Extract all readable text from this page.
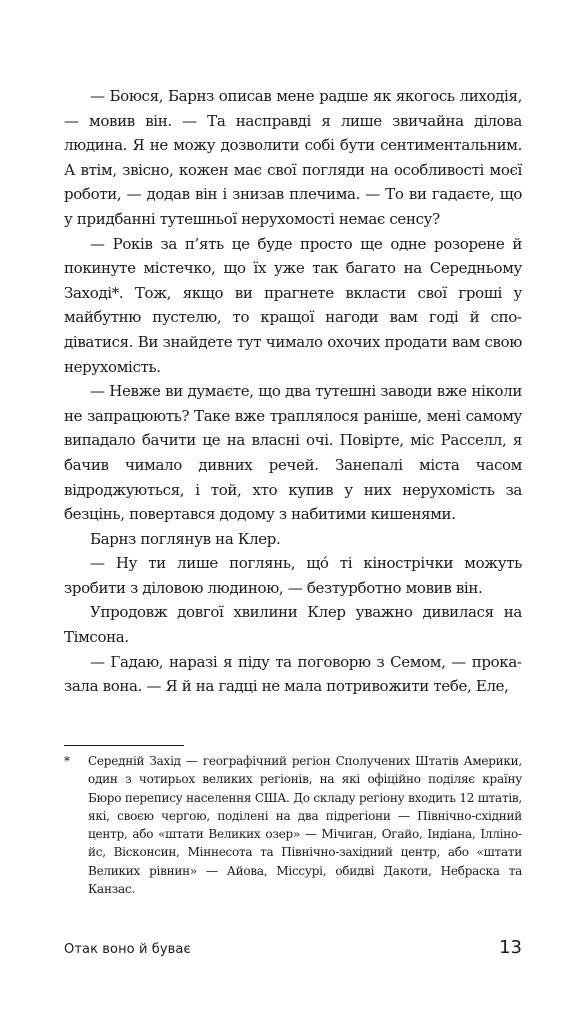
— Боюся, Барнз описав мене радше як якогось лиходія, — мовив він. — Та насправді я лише звичайна ділова людина. Я не можу дозволити собі бути сентиментальним. А втім, звісно, кожен має свої погляди на особливості моєї роботи, — додав він і знизав плечима. — То ви гадаєте, що у придбанні тутешньої нерухомості немає сенсу?

— Років за п’ять це буде просто ще одне розорене й покинуте містечко, що їх уже так багато на Середньому Заході*. Тож, якщо ви прагнете вкласти свої гроші у майбутню пустелю, то кращої нагоди вам годі й сподіватися. Ви знайдете тут чимало охочих продати вам свою нерухомість.

— Невже ви думаєте, що два тутешні заводи вже ніколи не запрацюють? Таке вже траплялося раніше, мені самому випадало бачити це на власні очі. Повірте, міс Расселл, я бачив чимало дивних речей. Занепалі міста часом відроджуються, і той, хто купив у них нерухомість за безцінь, повертався додому з набитими кишенями.

Барнз поглянув на Клер.

— Ну ти лише поглянь, що́ ті кінострічки можуть зробити з діловою людиною, — безтурботно мовив він.

Упродовж довгої хвилини Клер уважно дивилася на Тімсона.

— Гадаю, наразі я піду та поговорю з Семом, — проказала вона. — Я й на гадці не мала потривожити тебе, Еле,

* Середній Захід — географічний регіон Сполучених Штатів Америки, один з чотирьох великих регіонів, на які офіційно поділяє країну Бюро перепису населення США. До складу регіону входить 12 штатів, які, своєю чергою, поділені на два підрегіони — Північно-східний центр, або «штати Великих озер» — Мічиган, Огайо, Індіана, Іллінойс, Вісконсин, Міннесота та Північно-західний центр, або «штати Великих рівнин» — Айова, Міссурі, обидві Дакоти, Небраска та Канзас.
Отак воно й буває	13
